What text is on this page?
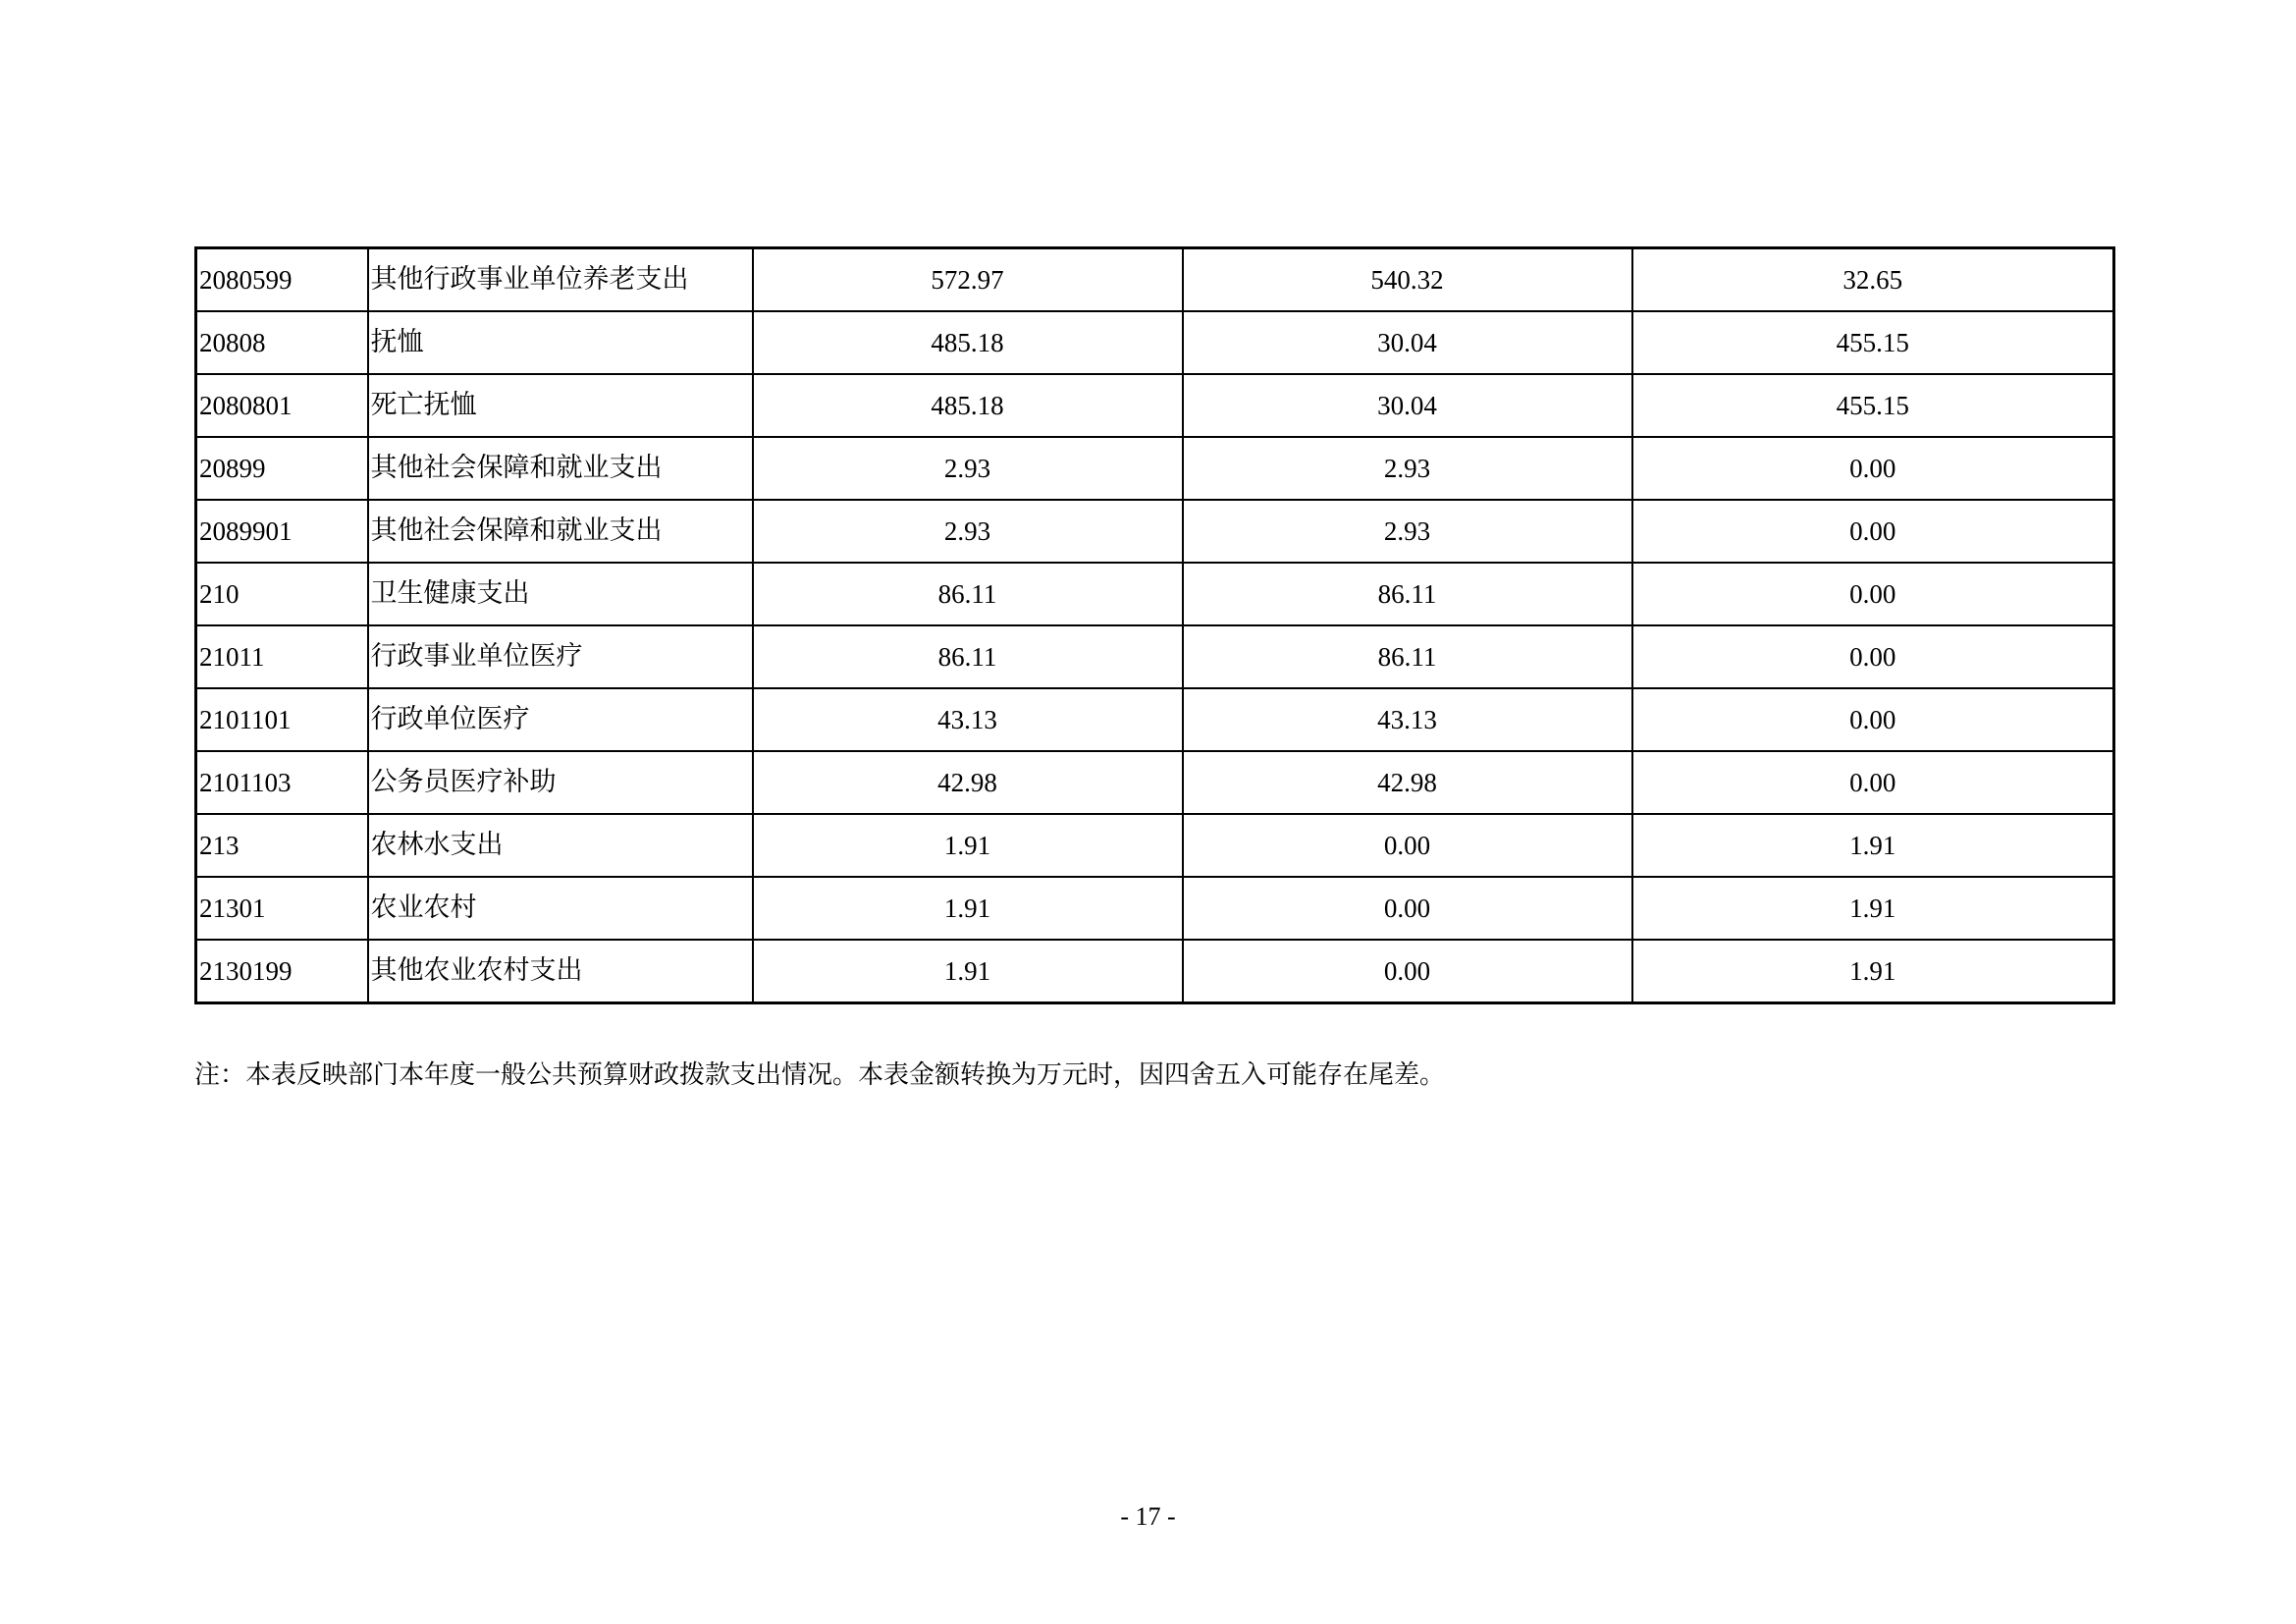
2080599	其他行政事业单位养老支出	572.97	540.32	32.65
20808	抚恤	485.18	30.04	455.15
2080801	死亡抚恤	485.18	30.04	455.15
20899	其他社会保障和就业支出	2.93	2.93	0.00
2089901	其他社会保障和就业支出	2.93	2.93	0.00
210	卫生健康支出	86.11	86.11	0.00
21011	行政事业单位医疗	86.11	86.11	0.00
2101101	行政单位医疗	43.13	43.13	0.00
2101103	公务员医疗补助	42.98	42.98	0.00
213	农林水支出	1.91	0.00	1.91
21301	农业农村	1.91	0.00	1.91
2130199	其他农业农村支出	1.91	0.00	1.91
注：本表反映部门本年度一般公共预算财政拨款支出情况。本表金额转换为万元时，因四舍五入可能存在尾差。
- 17 -
